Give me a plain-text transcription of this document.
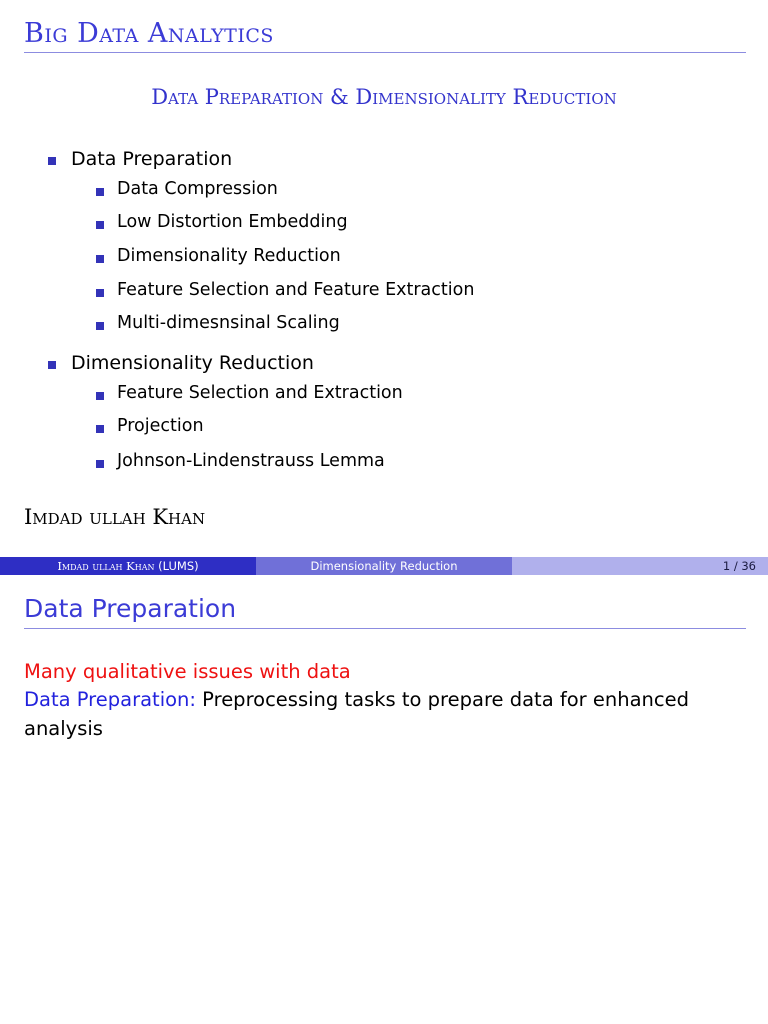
Big Data Analytics
Data Preparation & Dimensionality Reduction
Data Preparation
Data Compression
Low Distortion Embedding
Dimensionality Reduction
Feature Selection and Feature Extraction
Multi-dimesnsinal Scaling
Dimensionality Reduction
Feature Selection and Extraction
Projection
Johnson-Lindenstrauss Lemma
Imdad ullah Khan
Imdad ullah Khan (LUMS)	Dimensionality Reduction	1 / 36
Data Preparation
Many qualitative issues with data
Data Preparation: Preprocessing tasks to prepare data for enhanced
analysis
